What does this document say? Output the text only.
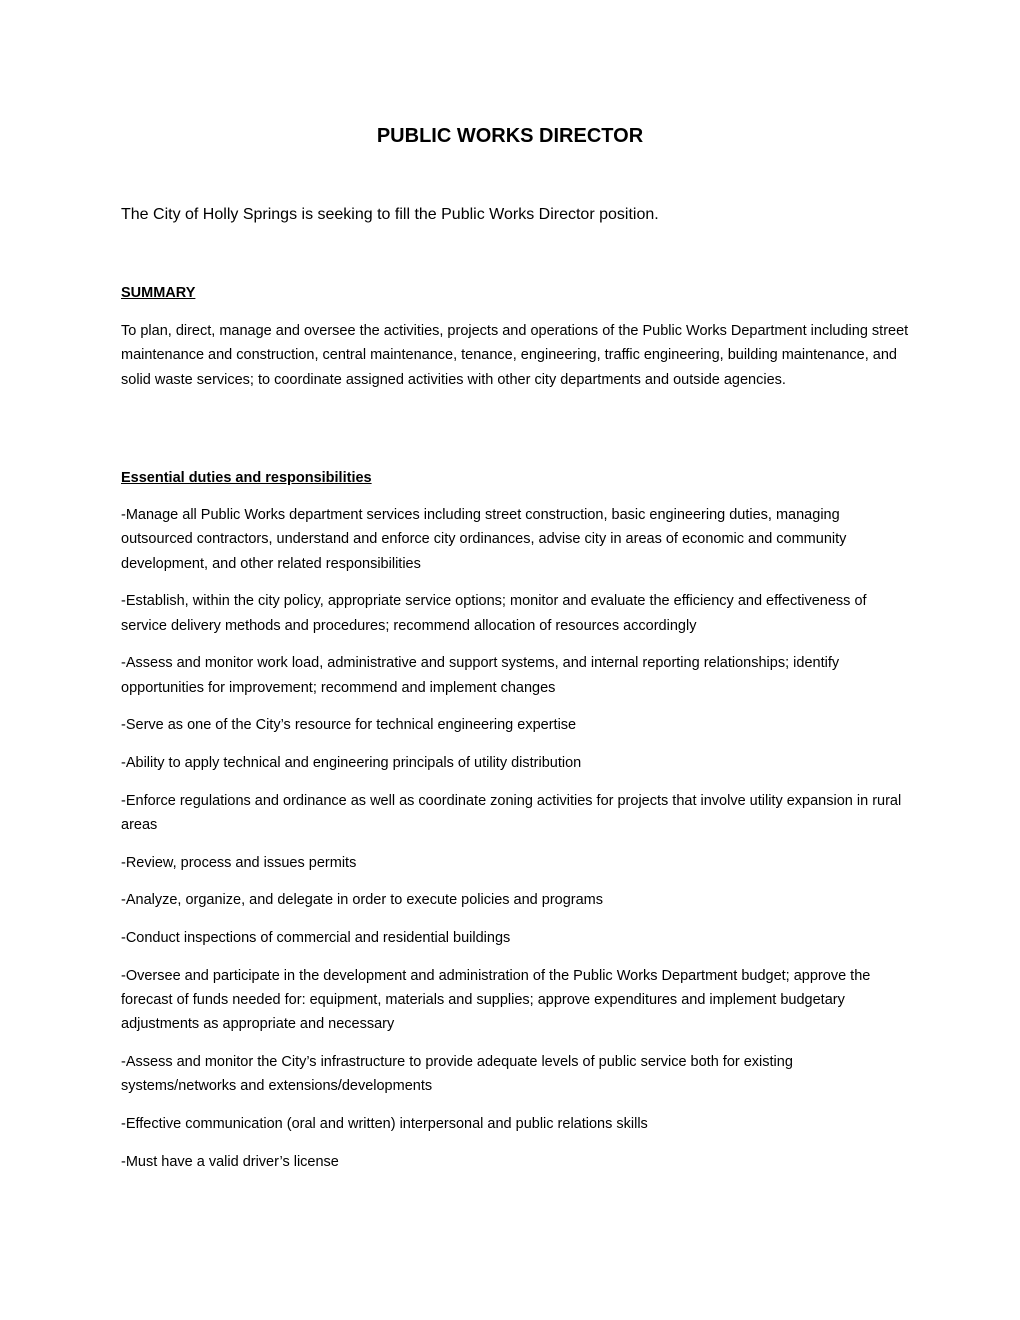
PUBLIC WORKS DIRECTOR
The City of Holly Springs is seeking to fill the Public Works Director position.
SUMMARY
To plan, direct, manage and oversee the activities, projects and operations of the Public Works Department including street maintenance and construction, central maintenance, tenance, engineering, traffic engineering, building maintenance, and solid waste services; to coordinate assigned activities with other city departments and outside agencies.
Essential duties and responsibilities
-Manage all Public Works department services including street construction, basic engineering duties, managing outsourced contractors, understand and enforce city ordinances, advise city in areas of economic and community development, and other related responsibilities
-Establish, within the city policy, appropriate service options; monitor and evaluate the efficiency and effectiveness of service delivery methods and procedures; recommend allocation of resources accordingly
-Assess and monitor work load, administrative and support systems, and internal reporting relationships; identify opportunities for improvement; recommend and implement changes
-Serve as one of the City’s resource for technical engineering expertise
-Ability to apply technical and engineering principals of utility distribution
-Enforce regulations and ordinance as well as coordinate zoning activities for projects that involve utility expansion in rural areas
-Review, process and issues permits
-Analyze, organize, and delegate in order to execute policies and programs
-Conduct inspections of commercial and residential buildings
-Oversee and participate in the development and administration of the Public Works Department budget; approve the forecast of funds needed for: equipment, materials and supplies; approve expenditures and implement budgetary adjustments as appropriate and necessary
-Assess and monitor the City’s infrastructure to provide adequate levels of public service both for existing systems/networks and extensions/developments
-Effective communication (oral and written) interpersonal and public relations skills
-Must have a valid driver’s license
